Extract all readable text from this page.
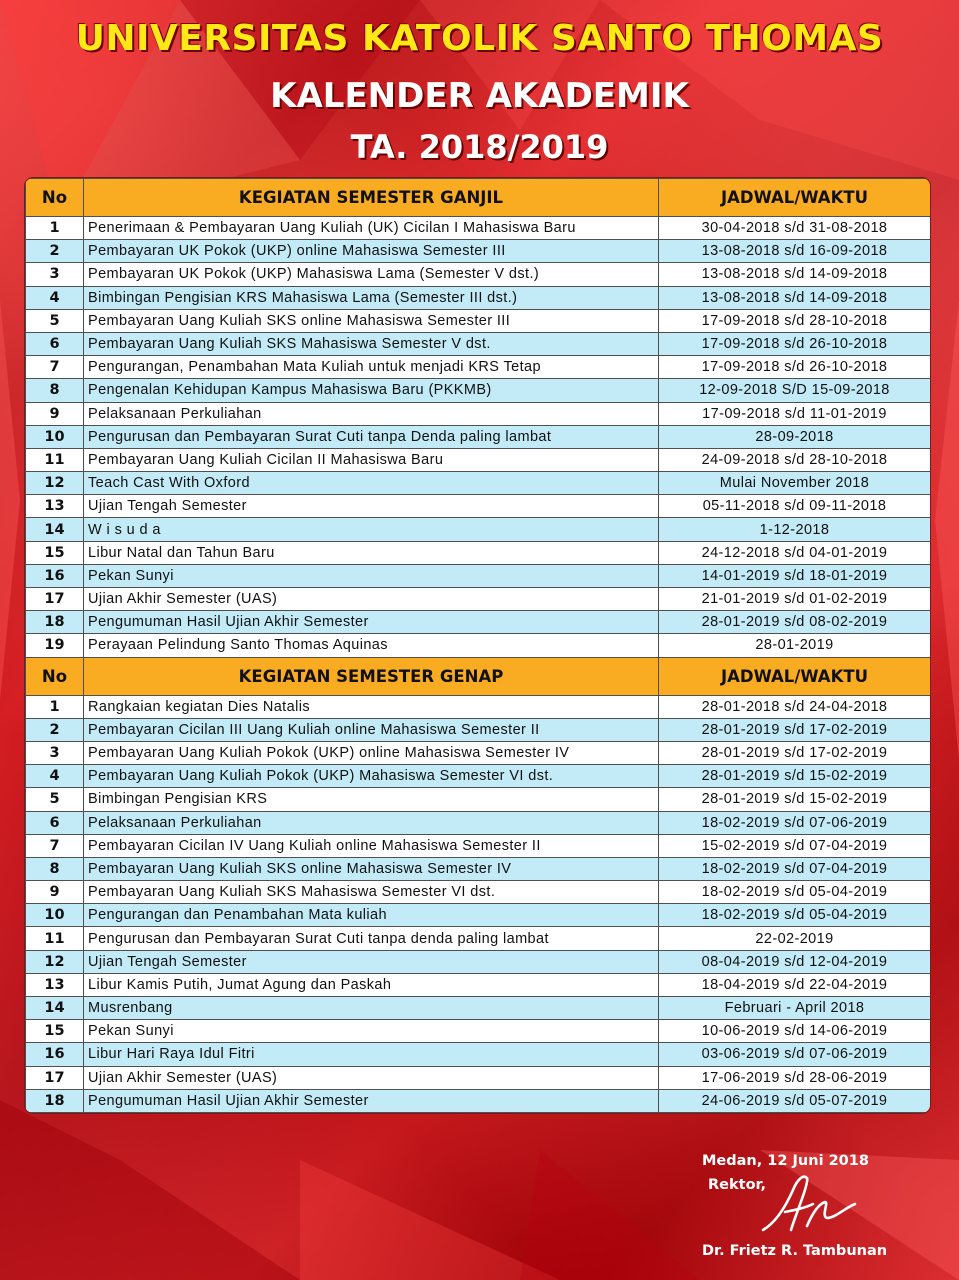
UNIVERSITAS KATOLIK SANTO THOMAS
KALENDER AKADEMIK
TA. 2018/2019
No	KEGIATAN SEMESTER GANJIL	JADWAL/WAKTU
1	Penerimaan & Pembayaran Uang Kuliah (UK) Cicilan I Mahasiswa Baru	30-04-2018 s/d 31-08-2018
2	Pembayaran UK Pokok (UKP) online Mahasiswa Semester III	13-08-2018 s/d 16-09-2018
3	Pembayaran UK Pokok (UKP) Mahasiswa Lama (Semester V dst.)	13-08-2018 s/d 14-09-2018
4	Bimbingan Pengisian KRS Mahasiswa Lama (Semester III dst.)	13-08-2018 s/d 14-09-2018
5	Pembayaran Uang Kuliah SKS online Mahasiswa Semester III	17-09-2018 s/d 28-10-2018
6	Pembayaran Uang Kuliah SKS Mahasiswa Semester V dst.	17-09-2018 s/d 26-10-2018
7	Pengurangan, Penambahan Mata Kuliah untuk menjadi KRS Tetap	17-09-2018 s/d 26-10-2018
8	Pengenalan Kehidupan Kampus Mahasiswa Baru (PKKMB)	12-09-2018 S/D 15-09-2018
9	Pelaksanaan Perkuliahan	17-09-2018 s/d 11-01-2019
10	Pengurusan dan Pembayaran Surat Cuti tanpa Denda paling lambat	28-09-2018
11	Pembayaran Uang Kuliah Cicilan II Mahasiswa Baru	24-09-2018 s/d 28-10-2018
12	Teach Cast With Oxford	Mulai November 2018
13	Ujian Tengah Semester	05-11-2018 s/d 09-11-2018
14	W i s u d a	1-12-2018
15	Libur Natal dan Tahun Baru	24-12-2018 s/d 04-01-2019
16	Pekan Sunyi	14-01-2019 s/d 18-01-2019
17	Ujian Akhir Semester (UAS)	21-01-2019 s/d 01-02-2019
18	Pengumuman Hasil Ujian Akhir Semester	28-01-2019 s/d 08-02-2019
19	Perayaan Pelindung Santo Thomas Aquinas	28-01-2019
No	KEGIATAN SEMESTER GENAP	JADWAL/WAKTU
1	Rangkaian kegiatan Dies Natalis	28-01-2018 s/d 24-04-2018
2	Pembayaran Cicilan III Uang Kuliah online Mahasiswa Semester II	28-01-2019 s/d 17-02-2019
3	Pembayaran Uang Kuliah Pokok (UKP) online Mahasiswa Semester IV	28-01-2019 s/d 17-02-2019
4	Pembayaran Uang Kuliah Pokok (UKP) Mahasiswa Semester VI dst.	28-01-2019 s/d 15-02-2019
5	Bimbingan Pengisian KRS	28-01-2019 s/d 15-02-2019
6	Pelaksanaan Perkuliahan	18-02-2019 s/d 07-06-2019
7	Pembayaran Cicilan IV Uang Kuliah online Mahasiswa Semester II	15-02-2019 s/d 07-04-2019
8	Pembayaran Uang Kuliah SKS online Mahasiswa Semester IV	18-02-2019 s/d 07-04-2019
9	Pembayaran Uang Kuliah SKS Mahasiswa Semester VI dst.	18-02-2019 s/d 05-04-2019
10	Pengurangan dan Penambahan Mata kuliah	18-02-2019 s/d 05-04-2019
11	Pengurusan dan Pembayaran Surat Cuti tanpa denda paling lambat	22-02-2019
12	Ujian Tengah Semester	08-04-2019 s/d 12-04-2019
13	Libur Kamis Putih, Jumat Agung dan Paskah	18-04-2019 s/d 22-04-2019
14	Musrenbang	Februari - April 2018
15	Pekan Sunyi	10-06-2019 s/d 14-06-2019
16	Libur Hari Raya Idul Fitri	03-06-2019 s/d 07-06-2019
17	Ujian Akhir Semester (UAS)	17-06-2019 s/d 28-06-2019
18	Pengumuman Hasil Ujian Akhir Semester	24-06-2019 s/d 05-07-2019
Medan, 12 Juni 2018
Rektor,
Dr. Frietz R. Tambunan
